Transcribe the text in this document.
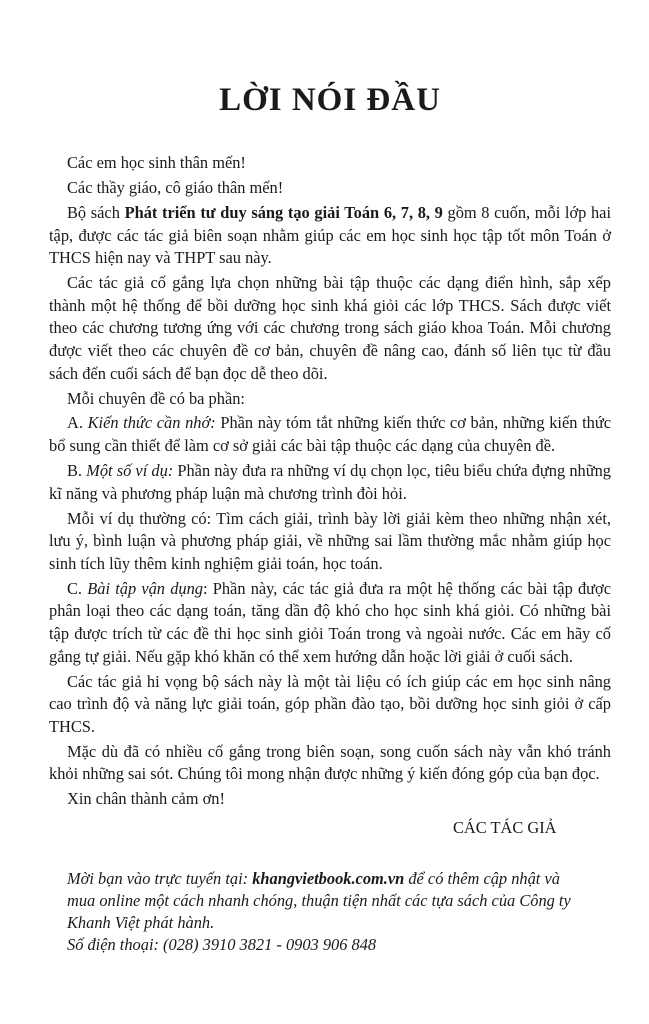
LỜI NÓI ĐẦU

Các em học sinh thân mến!

Các thầy giáo, cô giáo thân mến!

Bộ sách Phát triển tư duy sáng tạo giải Toán 6, 7, 8, 9 gồm 8 cuốn, mỗi lớp hai tập, được các tác giả biên soạn nhằm giúp các em học sinh học tập tốt môn Toán ở THCS hiện nay và THPT sau này.

Các tác giả cố gắng lựa chọn những bài tập thuộc các dạng điển hình, sắp xếp thành một hệ thống để bồi dưỡng học sinh khá giỏi các lớp THCS. Sách được viết theo các chương tương ứng với các chương trong sách giáo khoa Toán. Mỗi chương được viết theo các chuyên đề cơ bản, chuyên đề nâng cao, đánh số liên tục từ đầu sách đến cuối sách để bạn đọc dễ theo dõi.

Mỗi chuyên đề có ba phần:

A. Kiến thức cần nhớ: Phần này tóm tắt những kiến thức cơ bản, những kiến thức bổ sung cần thiết để làm cơ sở giải các bài tập thuộc các dạng của chuyên đề.

B. Một số ví dụ: Phần này đưa ra những ví dụ chọn lọc, tiêu biểu chứa đựng những kĩ năng và phương pháp luận mà chương trình đòi hỏi.

Mỗi ví dụ thường có: Tìm cách giải, trình bày lời giải kèm theo những nhận xét, lưu ý, bình luận và phương pháp giải, về những sai lầm thường mắc nhằm giúp học sinh tích lũy thêm kinh nghiệm giải toán, học toán.

C. Bài tập vận dụng: Phần này, các tác giả đưa ra một hệ thống các bài tập được phân loại theo các dạng toán, tăng dần độ khó cho học sinh khá giỏi. Có những bài tập được trích từ các đề thi học sinh giỏi Toán trong và ngoài nước. Các em hãy cố gắng tự giải. Nếu gặp khó khăn có thể xem hướng dẫn hoặc lời giải ở cuối sách.

Các tác giả hi vọng bộ sách này là một tài liệu có ích giúp các em học sinh nâng cao trình độ và năng lực giải toán, góp phần đào tạo, bồi dưỡng học sinh giỏi ở cấp THCS.

Mặc dù đã có nhiều cố gắng trong biên soạn, song cuốn sách này vẫn khó tránh khỏi những sai sót. Chúng tôi mong nhận được những ý kiến đóng góp của bạn đọc.

Xin chân thành cảm ơn!

CÁC TÁC GIẢ

Mời bạn vào trực tuyến tại: khangvietbook.com.vn để có thêm cập nhật và mua online một cách nhanh chóng, thuận tiện nhất các tựa sách của Công ty Khanh Việt phát hành.

Số điện thoại: (028) 3910 3821 - 0903 906 848
